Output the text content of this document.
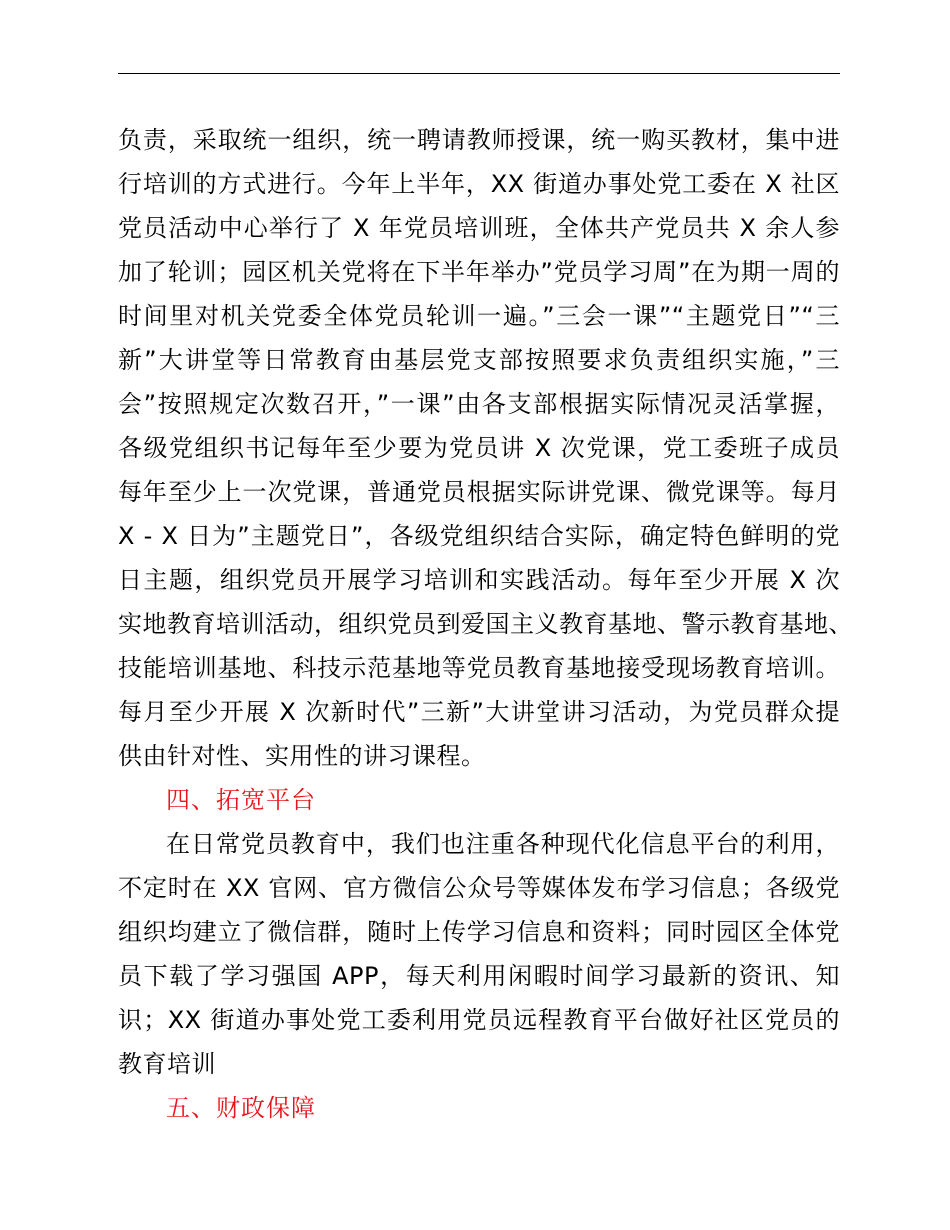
负责，采取统一组织，统一聘请教师授课，统一购买教材，集中进
行培训的方式进行。今年上半年，XX 街道办事处党工委在 X 社区
党员活动中心举行了 X 年党员培训班，全体共产党员共 X 余人参
加了轮训；园区机关党将在下半年举办”党员学习周”在为期一周的
时间里对机关党委全体党员轮训一遍。”三会一课”“主题党日”“三
新”大讲堂等日常教育由基层党支部按照要求负责组织实施，”三
会”按照规定次数召开，”一课”由各支部根据实际情况灵活掌握，
各级党组织书记每年至少要为党员讲 X 次党课，党工委班子成员
每年至少上一次党课，普通党员根据实际讲党课、微党课等。每月
X - X 日为”主题党日”，各级党组织结合实际，确定特色鲜明的党
日主题，组织党员开展学习培训和实践活动。每年至少开展 X 次
实地教育培训活动，组织党员到爱国主义教育基地、警示教育基地、
技能培训基地、科技示范基地等党员教育基地接受现场教育培训。
每月至少开展 X 次新时代”三新”大讲堂讲习活动，为党员群众提
供由针对性、实用性的讲习课程。
四、拓宽平台
在日常党员教育中，我们也注重各种现代化信息平台的利用，
不定时在 XX 官网、官方微信公众号等媒体发布学习信息；各级党
组织均建立了微信群，随时上传学习信息和资料；同时园区全体党
员下载了学习强国 APP，每天利用闲暇时间学习最新的资讯、知
识；XX 街道办事处党工委利用党员远程教育平台做好社区党员的
教育培训
五、财政保障
